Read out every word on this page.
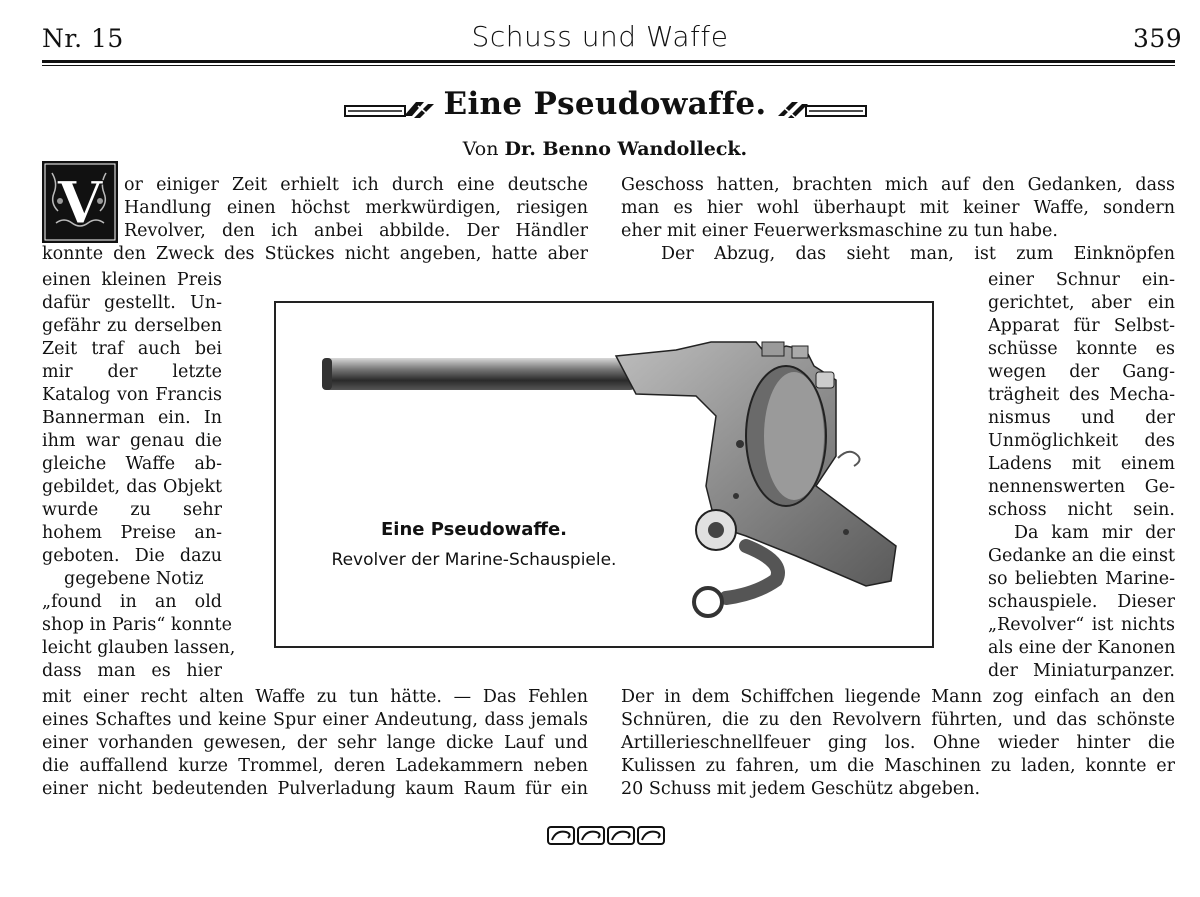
Nr. 15	Schuss und Waffe	359
Eine Pseudowaffe.
Von Dr. Benno Wandolleck.
V or einiger Zeit erhielt ich durch eine deutsche
Handlung einen höchst merkwürdigen, riesigen
Revolver, den ich anbei abbilde. Der Händler
konnte den Zweck des Stückes nicht angeben, hatte aber
einen kleinen Preis
dafür gestellt. Un-
gefähr zu derselben
Zeit traf auch bei
mir der letzte
Katalog von Francis
Bannerman ein. In
ihm war genau die
gleiche Waffe ab-
gebildet, das Objekt
wurde zu sehr
hohem Preise an-
geboten. Die dazu
gegebene Notiz
„found in an old
shop in Paris“ konnte
leicht glauben lassen,
dass man es hier
mit einer recht alten Waffe zu tun hätte. — Das Fehlen
eines Schaftes und keine Spur einer Andeutung, dass jemals
einer vorhanden gewesen, der sehr lange dicke Lauf und
die auffallend kurze Trommel, deren Ladekammern neben
einer nicht bedeutenden Pulverladung kaum Raum für ein
Geschoss hatten, brachten mich auf den Gedanken, dass
man es hier wohl überhaupt mit keiner Waffe, sondern
eher mit einer Feuerwerksmaschine zu tun habe.
Der Abzug, das sieht man, ist zum Einknöpfen
einer Schnur ein-
gerichtet, aber ein
Apparat für Selbst-
schüsse konnte es
wegen der Gang-
trägheit des Mecha-
nismus und der
Unmöglichkeit des
Ladens mit einem
nennenswerten Ge-
schoss nicht sein.
Da kam mir der
Gedanke an die einst
so beliebten Marine-
schauspiele. Dieser
„Revolver“ ist nichts
als eine der Kanonen
der Miniaturpanzer.
Der in dem Schiffchen liegende Mann zog einfach an den
Schnüren, die zu den Revolvern führten, und das schönste
Artillerieschnellfeuer ging los. Ohne wieder hinter die
Kulissen zu fahren, um die Maschinen zu laden, konnte er
20 Schuss mit jedem Geschütz abgeben.
Eine Pseudowaffe.
Revolver der Marine-Schauspiele.
